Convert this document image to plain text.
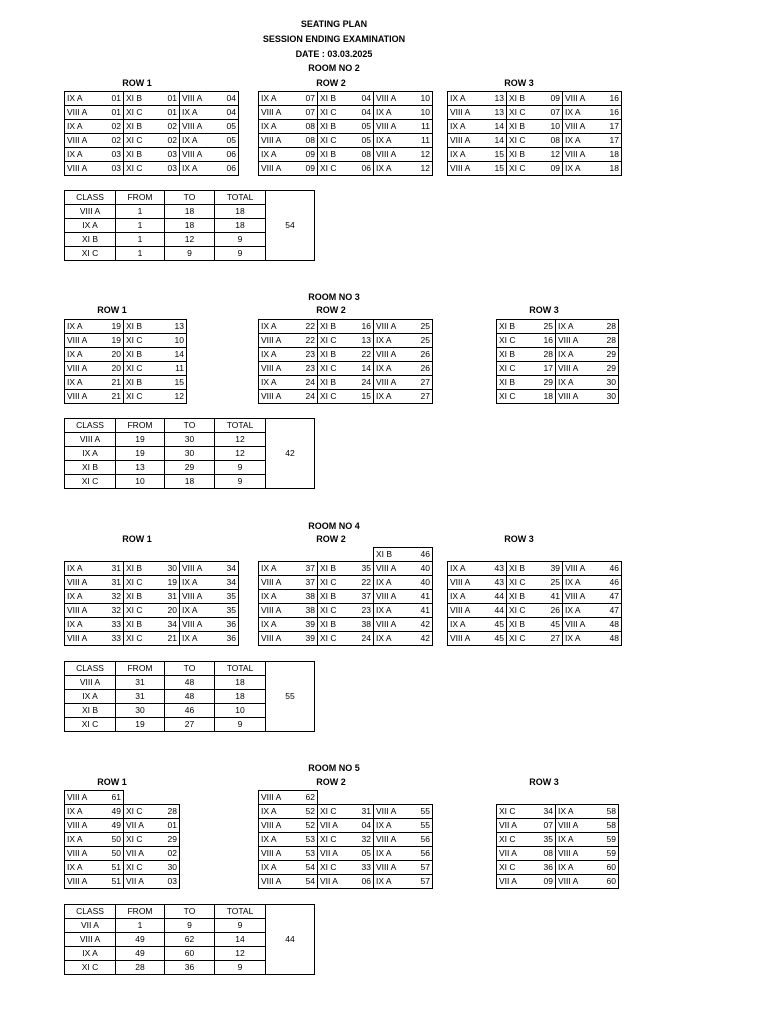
SEATING PLAN
SESSION ENDING EXAMINATION
DATE : 03.03.2025
ROOM NO 2
ROW 1	ROW 2	ROW 3
IX A	01	XI B	01	VIII A	04
VIII A	01	XI C	01	IX A	04
IX A	02	XI B	02	VIII A	05
VIII A	02	XI C	02	IX A	05
IX A	03	XI B	03	VIII A	06
VIII A	03	XI C	03	IX A	06
IX A	07	XI B	04	VIII A	10
VIII A	07	XI C	04	IX A	10
IX A	08	XI B	05	VIII A	11
VIII A	08	XI C	05	IX A	11
IX A	09	XI B	08	VIII A	12
VIII A	09	XI C	06	IX A	12
IX A	13	XI B	09	VIII A	16
VIII A	13	XI C	07	IX A	16
IX A	14	XI B	10	VIII A	17
VIII A	14	XI C	08	IX A	17
IX A	15	XI B	12	VIII A	18
VIII A	15	XI C	09	IX A	18
CLASS	FROM	TO	TOTAL	54
VIII A	1	18	18	
IX A	1	18	18	
XI B	1	12	9	
XI C	1	9	9	
ROOM NO 3
ROW 1	ROW 2	ROW 3
IX A	19	XI B	13
VIII A	19	XI C	10
IX A	20	XI B	14
VIII A	20	XI C	11
IX A	21	XI B	15
VIII A	21	XI C	12
IX A	22	XI B	16	VIII A	25
VIII A	22	XI C	13	IX A	25
IX A	23	XI B	22	VIII A	26
VIII A	23	XI C	14	IX A	26
IX A	24	XI B	24	VIII A	27
VIII A	24	XI C	15	IX A	27
XI B	25	IX A	28
XI C	16	VIII A	28
XI B	28	IX A	29
XI C	17	VIII A	29
XI B	29	IX A	30
XI C	18	VIII A	30
CLASS	FROM	TO	TOTAL	42
VIII A	19	30	12	
IX A	19	30	12	
XI B	13	29	9	
XI C	10	18	9	
ROOM NO 4
ROW 1	ROW 2	ROW 3
IX A	31	XI B	30	VIII A	34
VIII A	31	XI C	19	IX A	34
IX A	32	XI B	31	VIII A	35
VIII A	32	XI C	20	IX A	35
IX A	33	XI B	34	VIII A	36
VIII A	33	XI C	21	IX A	36
				XI B	46
IX A	37	XI B	35	VIII A	40
VIII A	37	XI C	22	IX A	40
IX A	38	XI B	37	VIII A	41
VIII A	38	XI C	23	IX A	41
IX A	39	XI B	38	VIII A	42
VIII A	39	XI C	24	IX A	42
IX A	43	XI B	39	VIII A	46
VIII A	43	XI C	25	IX A	46
IX A	44	XI B	41	VIII A	47
VIII A	44	XI C	26	IX A	47
IX A	45	XI B	45	VIII A	48
VIII A	45	XI C	27	IX A	48
CLASS	FROM	TO	TOTAL	55
VIII A	31	48	18	
IX A	31	48	18	
XI B	30	46	10	
XI C	19	27	9	
ROOM NO 5
ROW 1	ROW 2	ROW 3
VIII A	61				
IX A	49	XI C	28		
VIII A	49	VII A	01		
IX A	50	XI C	29		
VIII A	50	VII A	02		
IX A	51	XI C	30		
VIII A	51	VII A	03		
VIII A	62				
IX A	52	XI C	31	VIII A	55
VIII A	52	VII A	04	IX A	55
IX A	53	XI C	32	VIII A	56
VIII A	53	VII A	05	IX A	56
IX A	54	XI C	33	VIII A	57
VIII A	54	VII A	06	IX A	57
XI C	34	IX A	58
VII A	07	VIII A	58
XI C	35	IX A	59
VII A	08	VIII A	59
XI C	36	IX A	60
VII A	09	VIII A	60
CLASS	FROM	TO	TOTAL	44
VII A	1	9	9	
VIII A	49	62	14	
IX A	49	60	12	
XI C	28	36	9	
